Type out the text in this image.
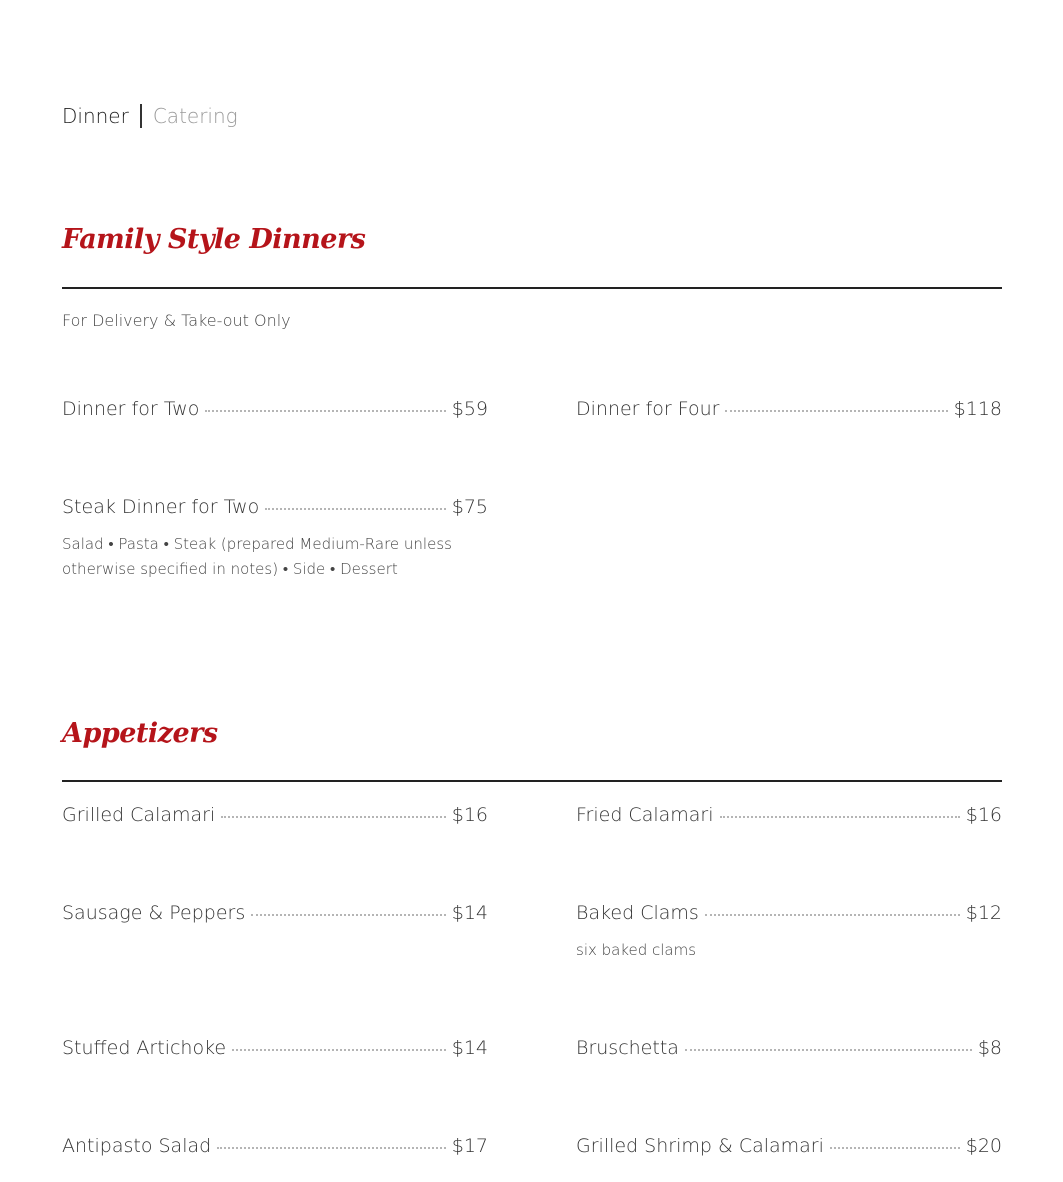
Dinner Catering
Family Style Dinners
For Delivery & Take-out Only
Dinner for Two	$59	Dinner for Four	$118
Steak Dinner for Two	$75
Salad • Pasta • Steak (prepared Medium-Rare unless otherwise specified in notes) • Side • Dessert
Appetizers
Grilled Calamari	$16	Fried Calamari	$16
Sausage & Peppers	$14	Baked Clams	$12
six baked clams
Stuffed Artichoke	$14	Bruschetta	$8
Antipasto Salad	$17	Grilled Shrimp & Calamari	$20
